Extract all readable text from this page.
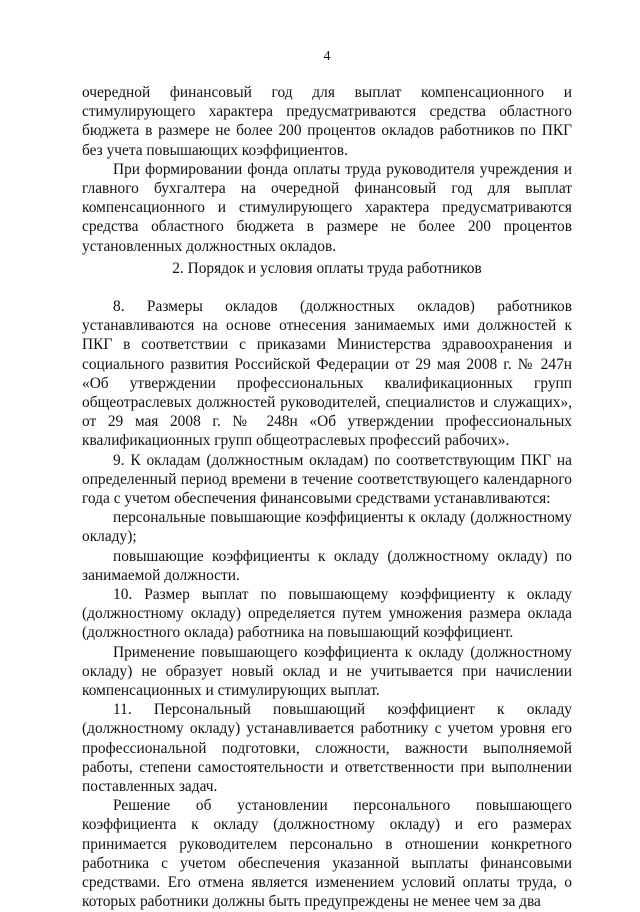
4

очередной финансовый год для выплат компенсационного и стимулирующего характера предусматриваются средства областного бюджета в размере не более 200 процентов окладов работников по ПКГ без учета повышающих коэффициентов.

При формировании фонда оплаты труда руководителя учреждения и главного бухгалтера на очередной финансовый год для выплат компенсационного и стимулирующего характера предусматриваются средства областного бюджета в размере не более 200 процентов установленных должностных окладов.

2. Порядок и условия оплаты труда работников

8. Размеры окладов (должностных окладов) работников устанавливаются на основе отнесения занимаемых ими должностей к ПКГ в соответствии с приказами Министерства здравоохранения и социального развития Российской Федерации от 29 мая 2008 г. № 247н «Об утверждении профессиональных квалификационных групп общеотраслевых должностей руководителей, специалистов и служащих», от 29 мая 2008 г. № 248н «Об утверждении профессиональных квалификационных групп общеотраслевых профессий рабочих».

9. К окладам (должностным окладам) по соответствующим ПКГ на определенный период времени в течение соответствующего календарного года с учетом обеспечения финансовыми средствами устанавливаются:

персональные повышающие коэффициенты к окладу (должностному окладу);

повышающие коэффициенты к окладу (должностному окладу) по занимаемой должности.

10. Размер выплат по повышающему коэффициенту к окладу (должностному окладу) определяется путем умножения размера оклада (должностного оклада) работника на повышающий коэффициент.

Применение повышающего коэффициента к окладу (должностному окладу) не образует новый оклад и не учитывается при начислении компенсационных и стимулирующих выплат.

11. Персональный повышающий коэффициент к окладу (должностному окладу) устанавливается работнику с учетом уровня его профессиональной подготовки, сложности, важности выполняемой работы, степени самостоятельности и ответственности при выполнении поставленных задач.

Решение об установлении персонального повышающего коэффициента к окладу (должностному окладу) и его размерах принимается руководителем персонально в отношении конкретного работника с учетом обеспечения указанной выплаты финансовыми средствами. Его отмена является изменением условий оплаты труда, о которых работники должны быть предупреждены не менее чем за два
